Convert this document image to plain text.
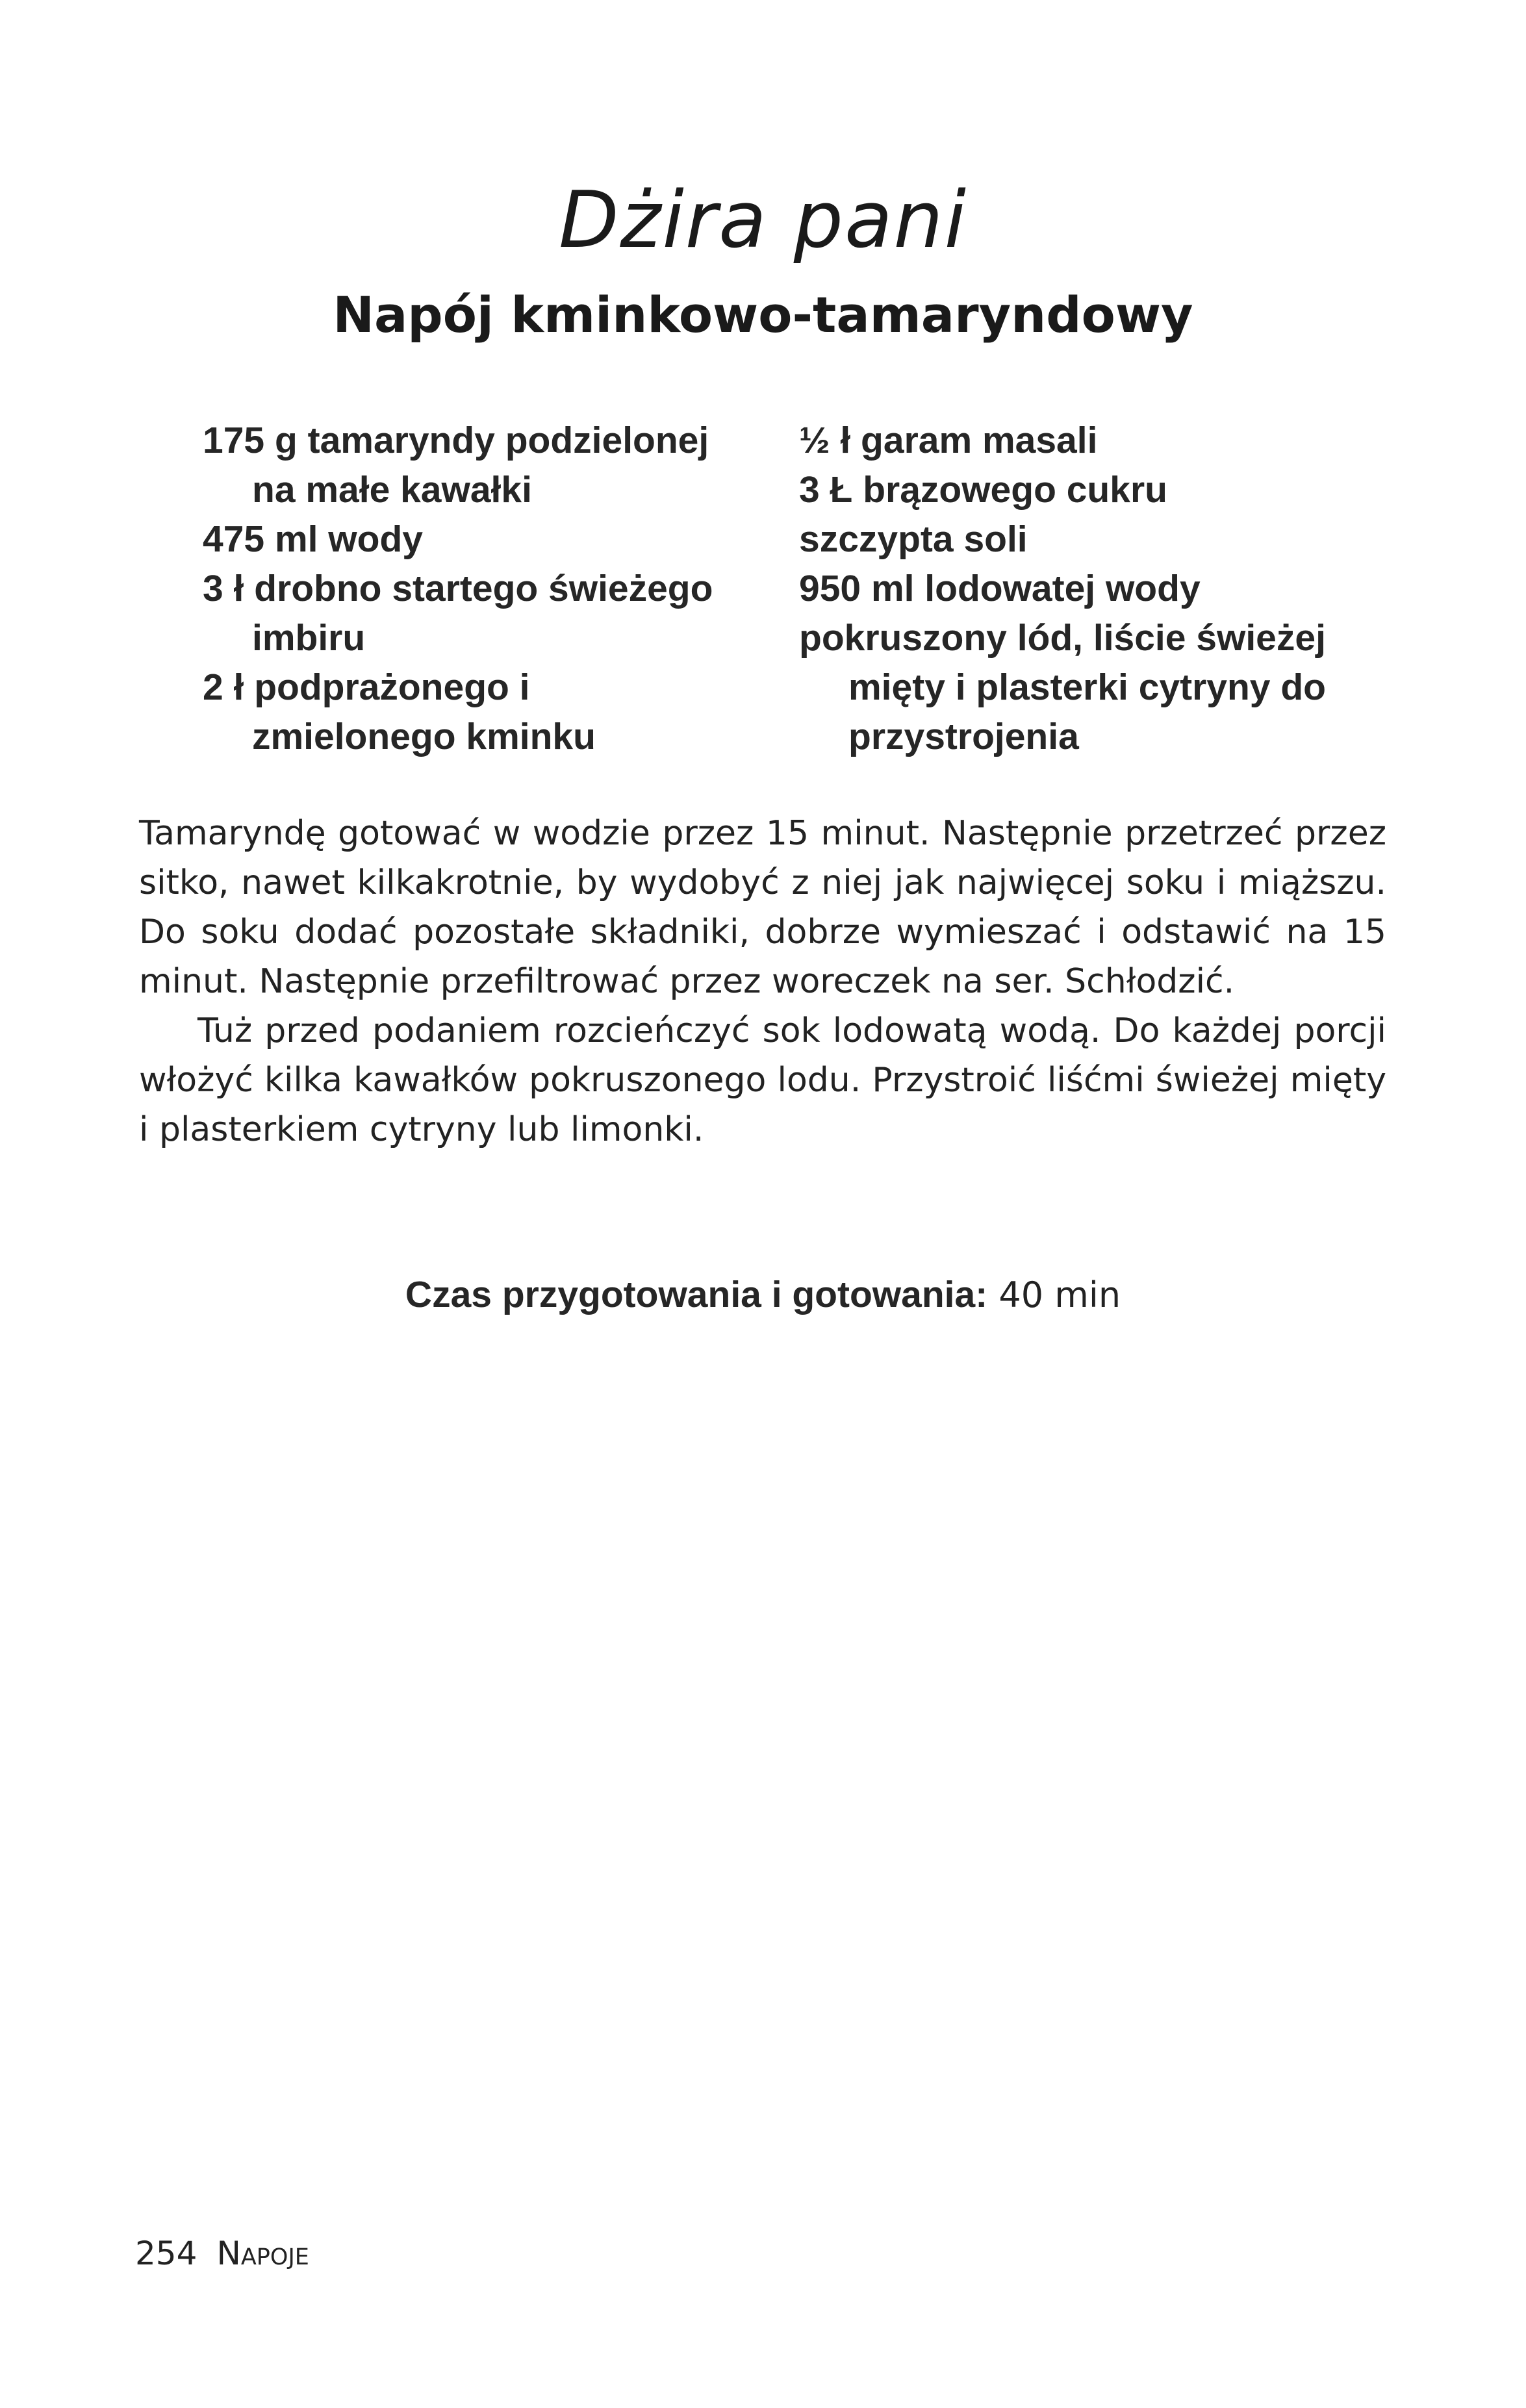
Dżira pani
Napój kminkowo-tamaryndowy
175 g tamaryndy podzielonej na małe kawałki
475 ml wody
3 ł drobno startego świeżego imbiru
2 ł podprażonego i zmielonego kminku
½ ł garam masali
3 Ł brązowego cukru
szczypta soli
950 ml lodowatej wody
pokruszony lód, liście świeżej mięty i plasterki cytryny do przystrojenia

Tamaryndę gotować w wodzie przez 15 minut. Następnie przetrzeć przez sitko, nawet kilkakrotnie, by wydobyć z niej jak najwięcej soku i miąższu. Do soku dodać pozostałe składniki, dobrze wymieszać i odstawić na 15 minut. Następnie przefiltrować przez woreczek na ser. Schłodzić.

Tuż przed podaniem rozcieńczyć sok lodowatą wodą. Do każdej porcji włożyć kilka kawałków pokruszonego lodu. Przystroić liśćmi świeżej mięty i plasterkiem cytryny lub limonki.

Czas przygotowania i gotowania: 40 min
254 Napoje
